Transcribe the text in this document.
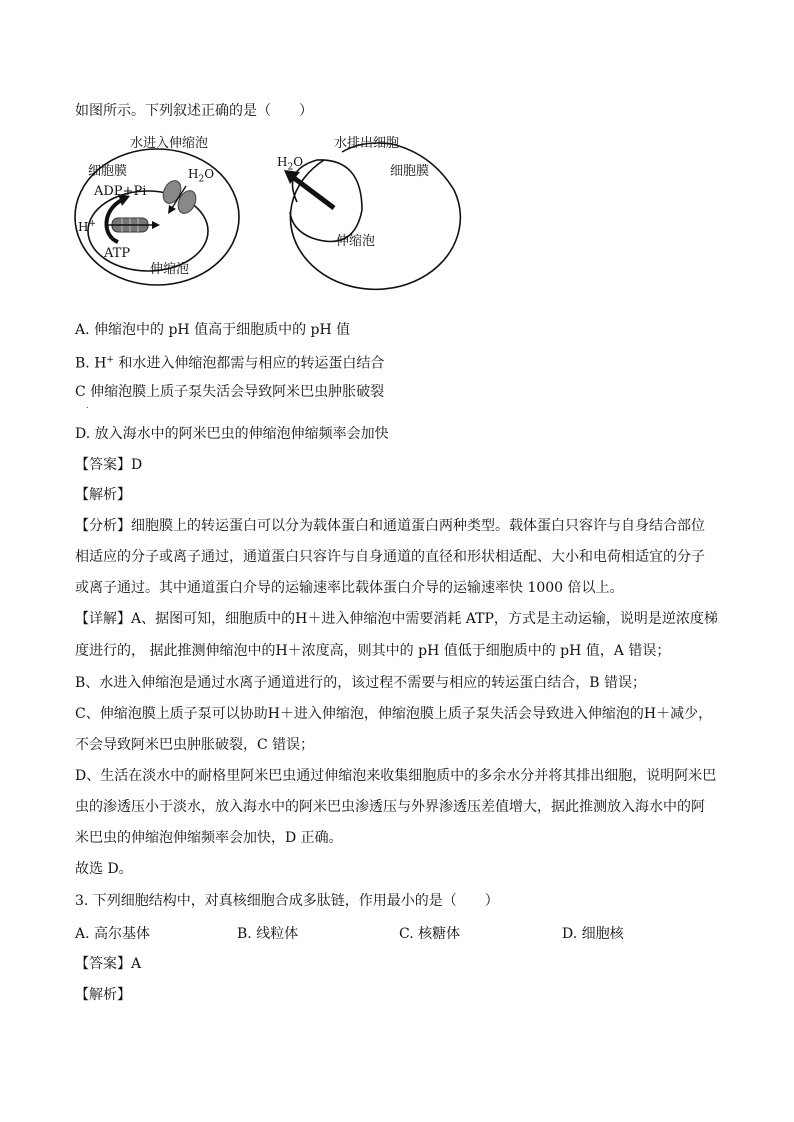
如图所示。下列叙述正确的是（　　）
水进入伸缩泡	水排出细胞
细胞膜	细胞膜
ADP+Pi
$H_2O$
$H_2O$
H+
ATP
伸缩泡
伸缩泡
A. 伸缩泡中的 pH 值高于细胞质中的 pH 值
B. H+ 和水进入伸缩泡都需与相应的转运蛋白结合
C 伸缩泡膜上质子泵失活会导致阿米巴虫肿胀破裂
.
D. 放入海水中的阿米巴虫的伸缩泡伸缩频率会加快
【答案】D
【解析】
【分析】细胞膜上的转运蛋白可以分为载体蛋白和通道蛋白两种类型。载体蛋白只容许与自身结合部位
相适应的分子或离子通过，通道蛋白只容许与自身通道的直径和形状相适配、大小和电荷相适宜的分子
或离子通过。其中通道蛋白介导的运输速率比载体蛋白介导的运输速率快 1000 倍以上。
【详解】A、据图可知，细胞质中的H＋进入伸缩泡中需要消耗 ATP，方式是主动运输，说明是逆浓度梯
度进行的， 据此推测伸缩泡中的H＋浓度高，则其中的 pH 值低于细胞质中的 pH 值，A 错误；
B、水进入伸缩泡是通过水离子通道进行的，该过程不需要与相应的转运蛋白结合，B 错误；
C、伸缩泡膜上质子泵可以协助H＋进入伸缩泡，伸缩泡膜上质子泵失活会导致进入伸缩泡的H＋减少，
不会导致阿米巴虫肿胀破裂，C 错误；
D、生活在淡水中的耐格里阿米巴虫通过伸缩泡来收集细胞质中的多余水分并将其排出细胞，说明阿米巴
虫的渗透压小于淡水，放入海水中的阿米巴虫渗透压与外界渗透压差值增大，据此推测放入海水中的阿
米巴虫的伸缩泡伸缩频率会加快，D 正确。
故选 D。
3. 下列细胞结构中，对真核细胞合成多肽链，作用最小的是（　　）
A. 高尔基体	B. 线粒体	C. 核糖体	D. 细胞核
【答案】A
【解析】
